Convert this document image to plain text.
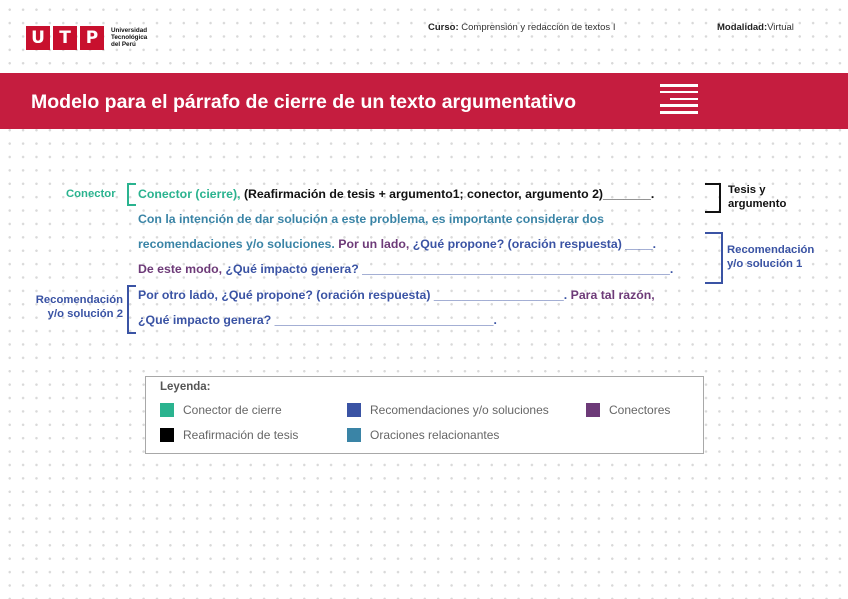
U T P	Universidad
Tecnológica
del Perú
Curso: Comprensión y redacción de textos I	Modalidad:Virtual
Modelo para el párrafo de cierre de un texto argumentativo
Conector
Recomendación
y/o solución 2
Tesis y
argumento
Recomendación
y/o solución 1
Conector (cierre), (Reafirmación de tesis + argumento1; conector, argumento 2)_______.
Con la intención de dar solución a este problema, es importante considerar dos
recomendaciones y/o soluciones. Por un lado, ¿Qué propone? (oración respuesta) ____.
De este modo, ¿Qué impacto genera? _____________________________________________.
Por otro lado, ¿Qué propone? (oración respuesta) ___________________. Para tal razón,
¿Qué impacto genera? ________________________________.
Leyenda:
Conector de cierre	Recomendaciones y/o soluciones	Conectores
Reafirmación de tesis	Oraciones relacionantes
